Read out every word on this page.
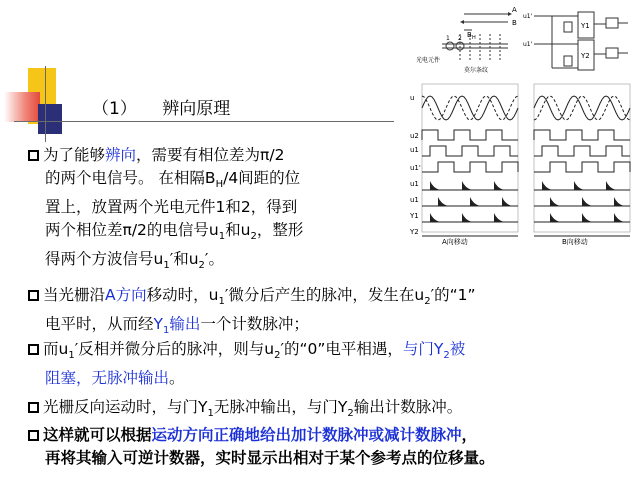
（1） 辨向原理
为了能够辨向，需要有相位差为π/2
的两个电信号。 在相隔$B_H/4$间距的位
置上，放置两个光电元件1和2，得到
两个相位差π/2的电信号$u_1$和$u_2$，整形
得两个方波信号$u_1'$和$u_2'$。
当光栅沿A方向移动时，$u_1'$微分后产生的脉冲，发生在$u_2'$的“1”
电平时，从而经$Y_1$输出一个计数脉冲；
而$u_1'$反相并微分后的脉冲，则与$u_2'$的“0”电平相遇，与门$Y_2$被
阻塞，无脉冲输出。
光栅反向运动时，与门$Y_1$无脉冲输出，与门$Y_2$输出计数脉冲。
这样就可以根据运动方向正确地给出加计数脉冲或减计数脉冲，
再将其输入可逆计数器，实时显示出相对于某个参考点的位移量。
A
B
B H
1 2
光电元件
莫尔条纹
u1'
u1'
Y1
Y2
u
u2
u1
u1'
u1
u1
Y1
Y2
A向移动	B向移动
